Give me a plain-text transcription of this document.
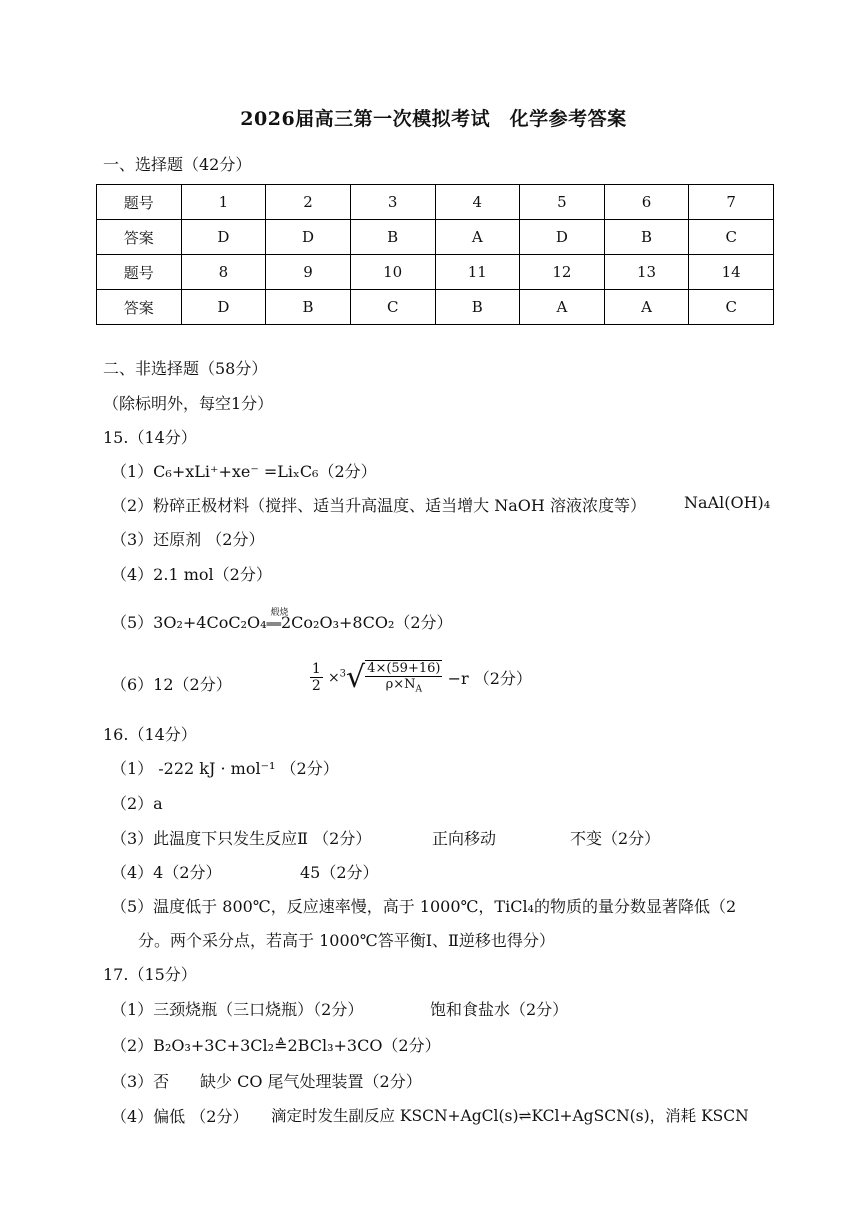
2026届高三第一次模拟考试　化学参考答案
一、选择题（42分）
题号	1	2	3	4	5	6	7
答案	D	D	B	A	D	B	C
题号	8	9	10	11	12	13	14
答案	D	B	C	B	A	A	C
二、非选择题（58分）
（除标明外，每空1分）
15.（14分）
（1）C₆+xLi⁺+xe⁻ =LiₓC₆（2分）
（2）粉碎正极材料（搅拌、适当升高温度、适当增大 NaOH 溶液浓度等） NaAl(OH)₄
（3）还原剂 （2分）
（4）2.1 mol（2分）
（5）3O₂+4CoC₂O₄ 煅烧
══2Co₂O₃+8CO₂（2分）
（6）12（2分）	$\frac{1}{2} \times^3√ \frac{4\times(59+16)}{\rho\times N_A} -r$ （2分）
16.（14分）
（1） -222 kJ · mol⁻¹ （2分）
（2）a
（3）此温度下只发生反应Ⅱ （2分）	正向移动	不变（2分）
（4）4（2分）	45（2分）
（5）温度低于 800℃，反应速率慢，高于 1000℃，TiCl₄的物质的量分数显著降低（2
分。两个采分点，若高于 1000℃答平衡Ⅰ、Ⅱ逆移也得分）
17.（15分）
（1）三颈烧瓶（三口烧瓶）（2分）	饱和食盐水（2分）
（2）B₂O₃+3C+3Cl₂≜2BCl₃+3CO（2分）
（3）否 缺少 CO 尾气处理装置（2分）
（4）偏低 （2分） 滴定时发生副反应 KSCN+AgCl(s)⇌KCl+AgSCN(s)，消耗 KSCN
